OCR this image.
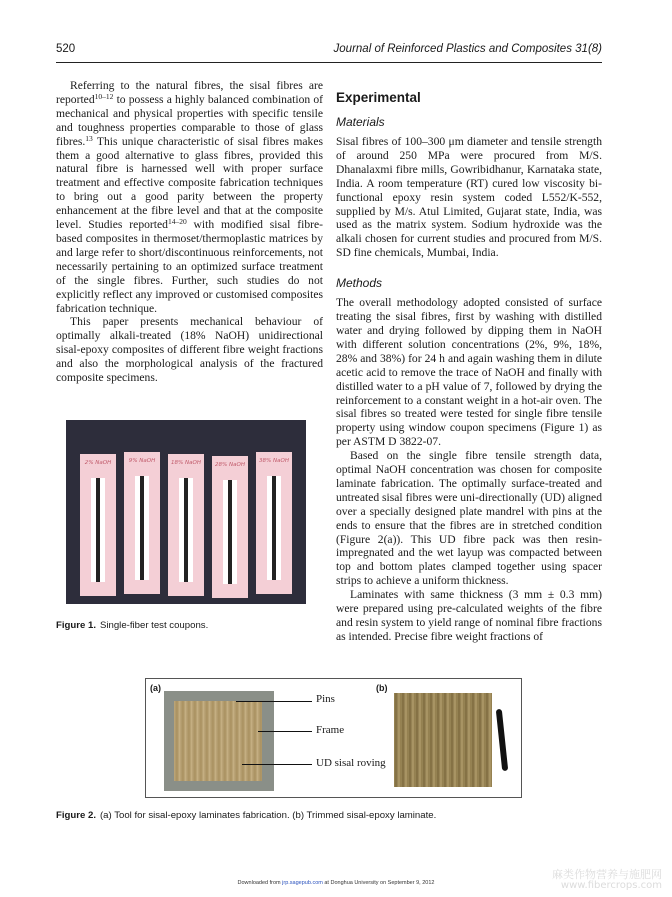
520	Journal of Reinforced Plastics and Composites 31(8)

Referring to the natural fibres, the sisal fibres are reported$^{10-12}$ to possess a highly balanced combination of mechanical and physical properties with specific tensile and toughness properties comparable to those of glass fibres.$^{13}$ This unique characteristic of sisal fibres makes them a good alternative to glass fibres, provided this natural fibre is harnessed well with proper surface treatment and effective composite fabrication techniques to bring out a good parity between the property enhancement at the fibre level and that at the composite level. Studies reported$^{14-20}$ with modified sisal fibre-based composites in thermoset/thermoplastic matrices by and large refer to short/discontinuous reinforcements, not necessarily pertaining to an optimized surface treatment of the single fibres. Further, such studies do not explicitly reflect any improved or customised composites fabrication technique.

This paper presents mechanical behaviour of optimally alkali-treated (18% NaOH) unidirectional sisal-epoxy composites of different fibre weight fractions and also the morphological analysis of the fractured composite specimens.

2% NaOH	9% NaOH	18% NaOH	28% NaOH
38% NaOH
Figure 1. Single-fiber test coupons.
Experimental
Materials

Sisal fibres of 100–300 μm diameter and tensile strength of around 250 MPa were procured from M/S. Dhanalaxmi fibre mills, Gowribidhanur, Karnataka state, India. A room temperature (RT) cured low viscosity bi-functional epoxy resin system coded L552/K-552, supplied by M/s. Atul Limited, Gujarat state, India, was used as the matrix system. Sodium hydroxide was the alkali chosen for current studies and procured from M/S. SD fine chemicals, Mumbai, India.

Methods

The overall methodology adopted consisted of surface treating the sisal fibres, first by washing with distilled water and drying followed by dipping them in NaOH with different solution concentrations (2%, 9%, 18%, 28% and 38%) for 24 h and again washing them in dilute acetic acid to remove the trace of NaOH and finally with distilled water to a pH value of 7, followed by drying the reinforcement to a constant weight in a hot-air oven. The sisal fibres so treated were tested for single fibre tensile property using window coupon specimens (Figure 1) as per ASTM D 3822-07.

Based on the single fibre tensile strength data, optimal NaOH concentration was chosen for composite laminate fabrication. The optimally surface-treated and untreated sisal fibres were uni-directionally (UD) aligned over a specially designed plate mandrel with pins at the ends to ensure that the fibres are in stretched condition (Figure 2(a)). This UD fibre pack was then resin-impregnated and the wet layup was compacted between top and bottom plates clamped together using spacer strips to achieve a uniform thickness.

Laminates with same thickness (3 mm ± 0.3 mm) were prepared using pre-calculated weights of the fibre and resin system to yield range of nominal fibre fractions as intended. Precise fibre weight fractions of

(a)	(b)
Pins
Frame
UD sisal roving
Figure 2. (a) Tool for sisal-epoxy laminates fabrication. (b) Trimmed sisal-epoxy laminate.
Downloaded from jrp.sagepub.com at Donghua University on September 9, 2012
麻类作物营养与施肥网
www.fibercrops.com
